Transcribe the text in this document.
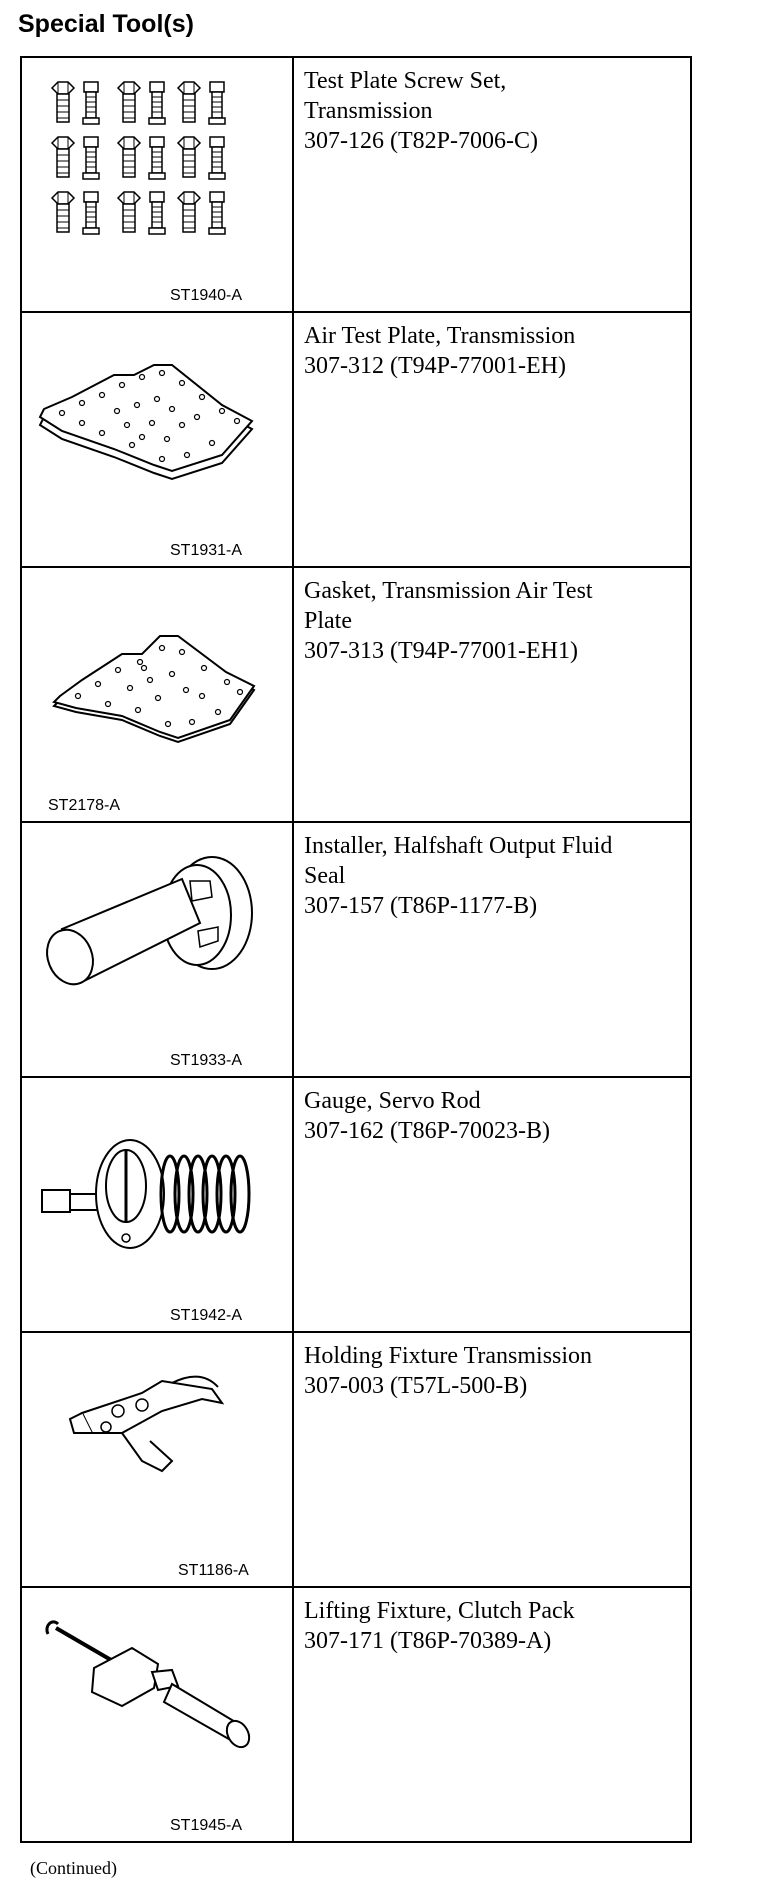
Special Tool(s)
ST1940-A	Test Plate Screw Set,
Transmission
307-126 (T82P-7006-C)

ST1931-A	Air Test Plate, Transmission
307-312 (T94P-77001-EH)

ST2178-A	Gasket, Transmission Air Test
Plate
307-313 (T94P-77001-EH1)

ST1933-A	Installer, Halfshaft Output Fluid
Seal
307-157 (T86P-1177-B)

ST1942-A	Gauge, Servo Rod
307-162 (T86P-70023-B)

ST1186-A	Holding Fixture Transmission
307-003 (T57L-500-B)

ST1945-A	Lifting Fixture, Clutch Pack
307-171 (T86P-70389-A)
(Continued)
